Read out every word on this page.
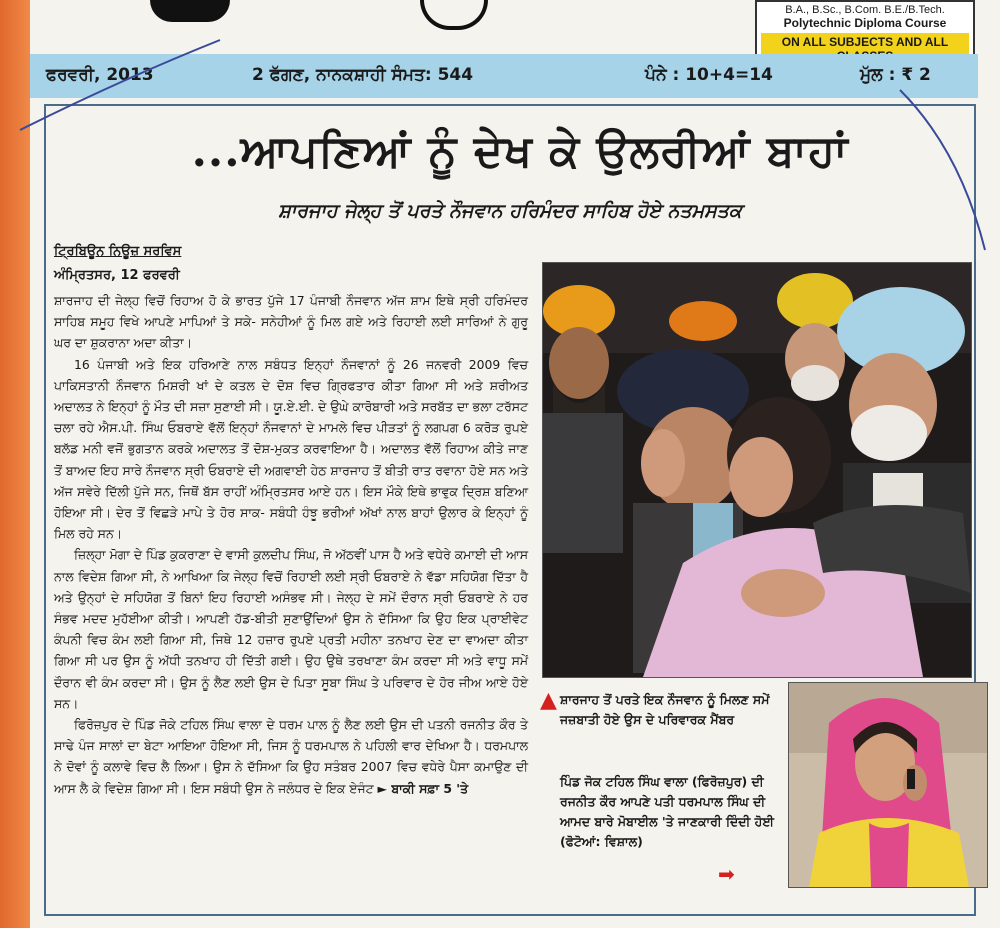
B.A., B.Sc., B.Com. B.E./B.Tech.
Polytechnic Diploma Course
ON ALL SUBJECTS AND ALL
ਫਰਵਰੀ, 2013	2 ਫੱਗਣ, ਨਾਨਕਸ਼ਾਹੀ ਸੰਮਤ: 544	ਪੰਨੇ : 10+4=14	ਮੁੱਲ : ₹ 2
...ਆਪਣਿਆਂ ਨੂੰ ਦੇਖ ਕੇ ਉਲਰੀਆਂ ਬਾਹਾਂ
ਸ਼ਾਰਜਾਹ ਜੇਲ੍ਹ ਤੋਂ ਪਰਤੇ ਨੌਜਵਾਨ ਹਰਿਮੰਦਰ ਸਾਹਿਬ ਹੋਏ ਨਤਮਸਤਕ
ਟ੍ਰਿਬਿਊਨ ਨਿਊਜ਼ ਸਰਵਿਸ
ਅੰਮ੍ਰਿਤਸਰ, 12 ਫਰਵਰੀ

ਸ਼ਾਰਜਾਹ ਦੀ ਜੇਲ੍ਹ ਵਿਚੋਂ ਰਿਹਾਅ ਹੋ ਕੇ ਭਾਰਤ ਪੁੱਜੇ 17 ਪੰਜਾਬੀ ਨੌਜਵਾਨ ਅੱਜ ਸ਼ਾਮ ਇਥੇ ਸ੍ਰੀ ਹਰਿਮੰਦਰ ਸਾਹਿਬ ਸਮੂਹ ਵਿਖੇ ਆਪਣੇ ਮਾਪਿਆਂ ਤੇ ਸਕੇ- ਸਨੇਹੀਆਂ ਨੂੰ ਮਿਲ ਗਏ ਅਤੇ ਰਿਹਾਈ ਲਈ ਸਾਰਿਆਂ ਨੇ ਗੁਰੂ ਘਰ ਦਾ ਸ਼ੁਕਰਾਨਾ ਅਦਾ ਕੀਤਾ।

16 ਪੰਜਾਬੀ ਅਤੇ ਇਕ ਹਰਿਆਣੇ ਨਾਲ ਸਬੰਧਤ ਇਨ੍ਹਾਂ ਨੌਜਵਾਨਾਂ ਨੂੰ 26 ਜਨਵਰੀ 2009 ਵਿਚ ਪਾਕਿਸਤਾਨੀ ਨੌਜਵਾਨ ਮਿਸ਼ਰੀ ਖਾਂ ਦੇ ਕਤਲ ਦੇ ਦੋਸ਼ ਵਿਚ ਗ੍ਰਿਫਤਾਰ ਕੀਤਾ ਗਿਆ ਸੀ ਅਤੇ ਸ਼ਰੀਅਤ ਅਦਾਲਤ ਨੇ ਇਨ੍ਹਾਂ ਨੂੰ ਮੌਤ ਦੀ ਸਜ਼ਾ ਸੁਣਾਈ ਸੀ। ਯੂ.ਏ.ਈ. ਦੇ ਉਘੇ ਕਾਰੋਬਾਰੀ ਅਤੇ ਸਰਬੱਤ ਦਾ ਭਲਾ ਟਰੱਸਟ ਚਲਾ ਰਹੇ ਐਸ.ਪੀ. ਸਿੰਘ ਓਬਰਾਏ ਵੱਲੋਂ ਇਨ੍ਹਾਂ ਨੌਜਵਾਨਾਂ ਦੇ ਮਾਮਲੇ ਵਿਚ ਪੀੜਤਾਂ ਨੂੰ ਲਗਪਗ 6 ਕਰੋੜ ਰੁਪਏ ਬਲੱਡ ਮਨੀ ਵਜੋਂ ਭੁਗਤਾਨ ਕਰਕੇ ਅਦਾਲਤ ਤੋਂ ਦੋਸ਼-ਮੁਕਤ ਕਰਵਾਇਆ ਹੈ। ਅਦਾਲਤ ਵੱਲੋਂ ਰਿਹਾਅ ਕੀਤੇ ਜਾਣ ਤੋਂ ਬਾਅਦ ਇਹ ਸਾਰੇ ਨੌਜਵਾਨ ਸ੍ਰੀ ਓਬਰਾਏ ਦੀ ਅਗਵਾਈ ਹੇਠ ਸ਼ਾਰਜਾਹ ਤੋਂ ਬੀਤੀ ਰਾਤ ਰਵਾਨਾ ਹੋਏ ਸਨ ਅਤੇ ਅੱਜ ਸਵੇਰੇ ਦਿੱਲੀ ਪੁੱਜੇ ਸਨ, ਜਿਥੋਂ ਬੱਸ ਰਾਹੀਂ ਅੰਮ੍ਰਿਤਸਰ ਆਏ ਹਨ। ਇਸ ਮੌਕੇ ਇਥੇ ਭਾਵੁਕ ਦ੍ਰਿਸ਼ ਬਣਿਆ ਹੋਇਆ ਸੀ। ਦੇਰ ਤੋਂ ਵਿਛੜੇ ਮਾਪੇ ਤੇ ਹੋਰ ਸਾਕ- ਸਬੰਧੀ ਹੰਝੂ ਭਰੀਆਂ ਅੱਖਾਂ ਨਾਲ ਬਾਹਾਂ ਉਲਾਰ ਕੇ ਇਨ੍ਹਾਂ ਨੂੰ ਮਿਲ ਰਹੇ ਸਨ।

ਜ਼ਿਲ੍ਹਾ ਮੋਗਾ ਦੇ ਪਿੰਡ ਕੁਕਰਾਣਾ ਦੇ ਵਾਸੀ ਕੁਲਦੀਪ ਸਿੰਘ, ਜੋ ਅੱਠਵੀਂ ਪਾਸ ਹੈ ਅਤੇ ਵਧੇਰੇ ਕਮਾਈ ਦੀ ਆਸ ਨਾਲ ਵਿਦੇਸ਼ ਗਿਆ ਸੀ, ਨੇ ਆਖਿਆ ਕਿ ਜੇਲ੍ਹ ਵਿਚੋਂ ਰਿਹਾਈ ਲਈ ਸ੍ਰੀ ਓਬਰਾਏ ਨੇ ਵੱਡਾ ਸਹਿਯੋਗ ਦਿੱਤਾ ਹੈ ਅਤੇ ਉਨ੍ਹਾਂ ਦੇ ਸਹਿਯੋਗ ਤੋਂ ਬਿਨਾਂ ਇਹ ਰਿਹਾਈ ਅਸੰਭਵ ਸੀ। ਜੇਲ੍ਹ ਦੇ ਸਮੇਂ ਦੌਰਾਨ ਸ੍ਰੀ ਓਬਰਾਏ ਨੇ ਹਰ ਸੰਭਵ ਮਦਦ ਮੁਹੱਈਆ ਕੀਤੀ। ਆਪਣੀ ਹੱਡ-ਬੀਤੀ ਸੁਣਾਉਂਦਿਆਂ ਉਸ ਨੇ ਦੱਸਿਆ ਕਿ ਉਹ ਇਕ ਪ੍ਰਾਈਵੇਟ ਕੰਪਨੀ ਵਿਚ ਕੰਮ ਲਈ ਗਿਆ ਸੀ, ਜਿਥੇ 12 ਹਜ਼ਾਰ ਰੁਪਏ ਪ੍ਰਤੀ ਮਹੀਨਾ ਤਨਖਾਹ ਦੇਣ ਦਾ ਵਾਅਦਾ ਕੀਤਾ ਗਿਆ ਸੀ ਪਰ ਉਸ ਨੂੰ ਅੱਧੀ ਤਨਖਾਹ ਹੀ ਦਿੱਤੀ ਗਈ। ਉਹ ਉਥੇ ਤਰਖਾਣਾ ਕੰਮ ਕਰਦਾ ਸੀ ਅਤੇ ਵਾਧੂ ਸਮੇਂ ਦੌਰਾਨ ਵੀ ਕੰਮ ਕਰਦਾ ਸੀ। ਉਸ ਨੂੰ ਲੈਣ ਲਈ ਉਸ ਦੇ ਪਿਤਾ ਸੂਬਾ ਸਿੰਘ ਤੇ ਪਰਿਵਾਰ ਦੇ ਹੋਰ ਜੀਅ ਆਏ ਹੋਏ ਸਨ।

ਫਿਰੋਜ਼ਪੁਰ ਦੇ ਪਿੰਡ ਜੋਕੇ ਟਹਿਲ ਸਿੰਘ ਵਾਲਾ ਦੇ ਧਰਮ ਪਾਲ ਨੂੰ ਲੈਣ ਲਈ ਉਸ ਦੀ ਪਤਨੀ ਰਜਨੀਤ ਕੌਰ ਤੇ ਸਾਢੇ ਪੰਜ ਸਾਲਾਂ ਦਾ ਬੇਟਾ ਆਇਆ ਹੋਇਆ ਸੀ, ਜਿਸ ਨੂੰ ਧਰਮਪਾਲ ਨੇ ਪਹਿਲੀ ਵਾਰ ਦੇਖਿਆ ਹੈ। ਧਰਮਪਾਲ ਨੇ ਦੋਵਾਂ ਨੂੰ ਕਲਾਵੇ ਵਿਚ ਲੈ ਲਿਆ। ਉਸ ਨੇ ਦੱਸਿਆ ਕਿ ਉਹ ਸਤੰਬਰ 2007 ਵਿਚ ਵਧੇਰੇ ਪੈਸਾ ਕਮਾਉਣ ਦੀ ਆਸ ਲੈ ਕੇ ਵਿਦੇਸ਼ ਗਿਆ ਸੀ। ਇਸ ਸਬੰਧੀ ਉਸ ਨੇ ਜਲੰਧਰ ਦੇ ਇਕ ਏਜੰਟ ► ਬਾਕੀ ਸਫ਼ਾ 5 'ਤੇ

▲ ਸ਼ਾਰਜਾਹ ਤੋਂ ਪਰਤੇ ਇਕ ਨੌਜਵਾਨ ਨੂੰ ਮਿਲਣ ਸਮੇਂ ਜਜ਼ਬਾਤੀ ਹੋਏ ਉਸ ਦੇ ਪਰਿਵਾਰਕ ਮੈਂਬਰ
ਪਿੰਡ ਜੋਕ ਟਹਿਲ ਸਿੰਘ ਵਾਲਾ (ਫਿਰੋਜ਼ਪੁਰ) ਦੀ ਰਜਨੀਤ ਕੌਰ ਆਪਣੇ ਪਤੀ ਧਰਮਪਾਲ ਸਿੰਘ ਦੀ ਆਮਦ ਬਾਰੇ ਮੋਬਾਈਲ 'ਤੇ ਜਾਣਕਾਰੀ ਦਿੰਦੀ ਹੋਈ
(ਫੋਟੋਆਂ: ਵਿਸ਼ਾਲ)
➡
